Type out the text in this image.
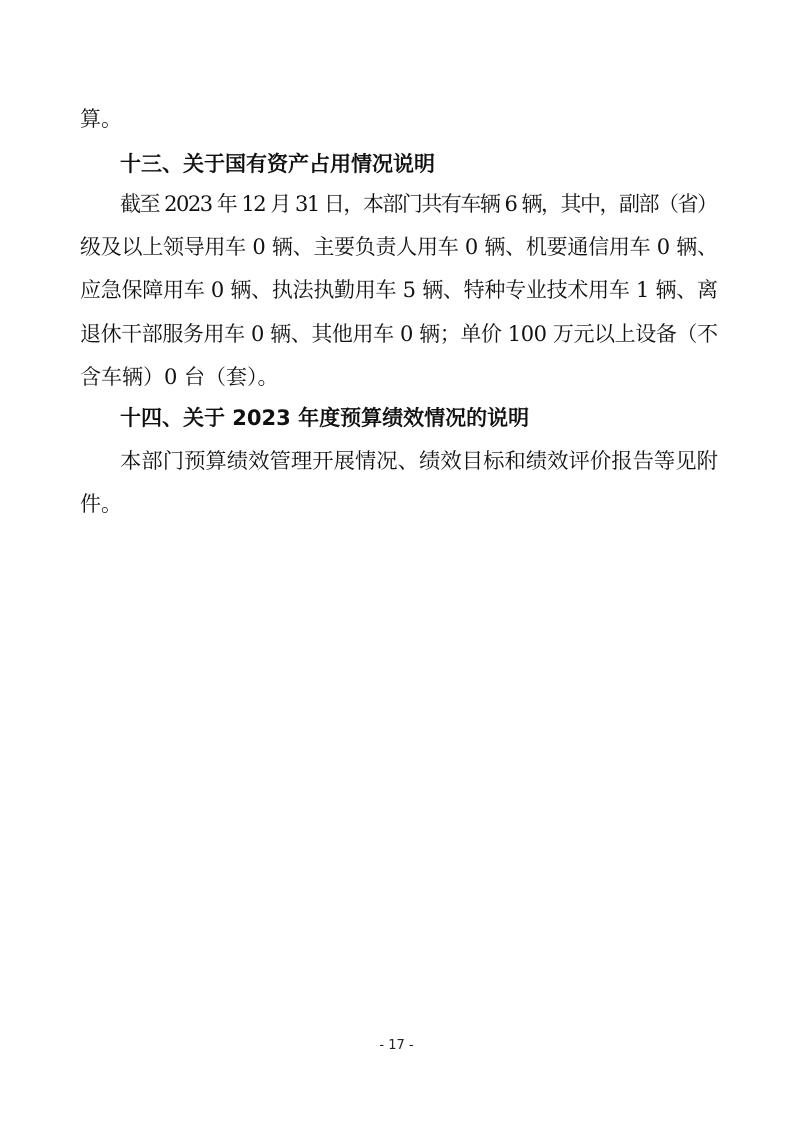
算。
十三、关于国有资产占用情况说明
截至 2023 年 12 月 31 日，本部门共有车辆 6 辆，其中，副部（省）
级及以上领导用车 0 辆、主要负责人用车 0 辆、机要通信用车 0 辆、
应急保障用车 0 辆、执法执勤用车 5 辆、特种专业技术用车 1 辆、离
退休干部服务用车 0 辆、其他用车 0 辆；单价 100 万元以上设备（不
含车辆）0 台（套）。
十四、关于 2023 年度预算绩效情况的说明
本部门预算绩效管理开展情况、绩效目标和绩效评价报告等见附
件。
- 17 -
